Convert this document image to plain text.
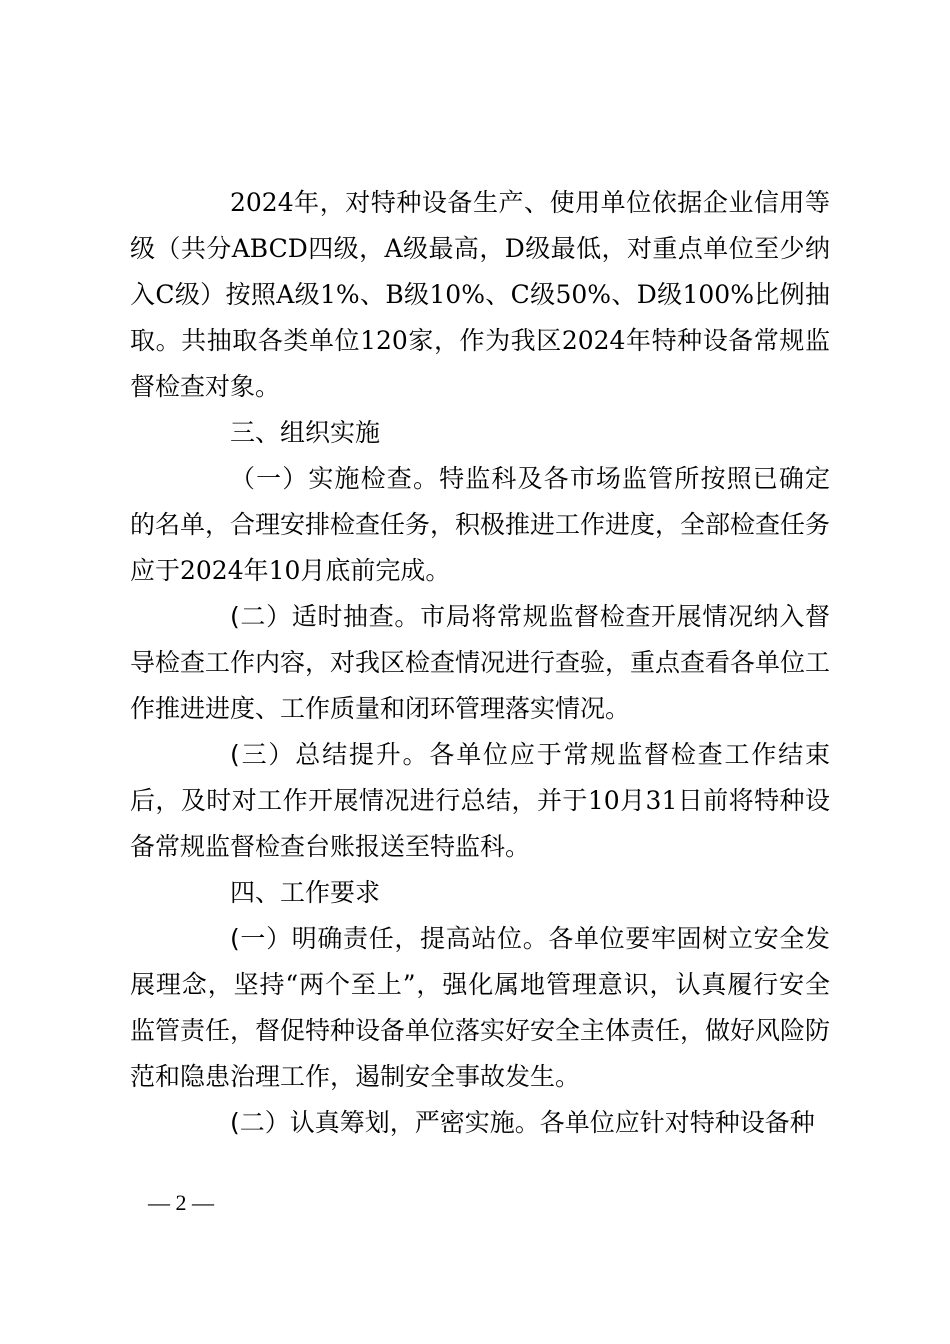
2024年，对特种设备生产、使用单位依据企业信用等级（共分ABCD四级，A级最高，D级最低，对重点单位至少纳入C级）按照A级1%、B级10%、C级50%、D级100%比例抽取。共抽取各类单位120家，作为我区2024年特种设备常规监督检查对象。

三、组织实施

（一）实施检查。特监科及各市场监管所按照已确定的名单，合理安排检查任务，积极推进工作进度，全部检查任务应于2024年10月底前完成。

(二）适时抽查。市局将常规监督检查开展情况纳入督导检查工作内容，对我区检查情况进行查验，重点查看各单位工作推进进度、工作质量和闭环管理落实情况。

(三）总结提升。各单位应于常规监督检查工作结束后，及时对工作开展情况进行总结，并于10月31日前将特种设备常规监督检查台账报送至特监科。

四、工作要求

(一）明确责任，提高站位。各单位要牢固树立安全发展理念，坚持“两个至上”，强化属地管理意识，认真履行安全监管责任，督促特种设备单位落实好安全主体责任，做好风险防范和隐患治理工作，遏制安全事故发生。

(二）认真筹划，严密实施。各单位应针对特种设备种

— 2 —
